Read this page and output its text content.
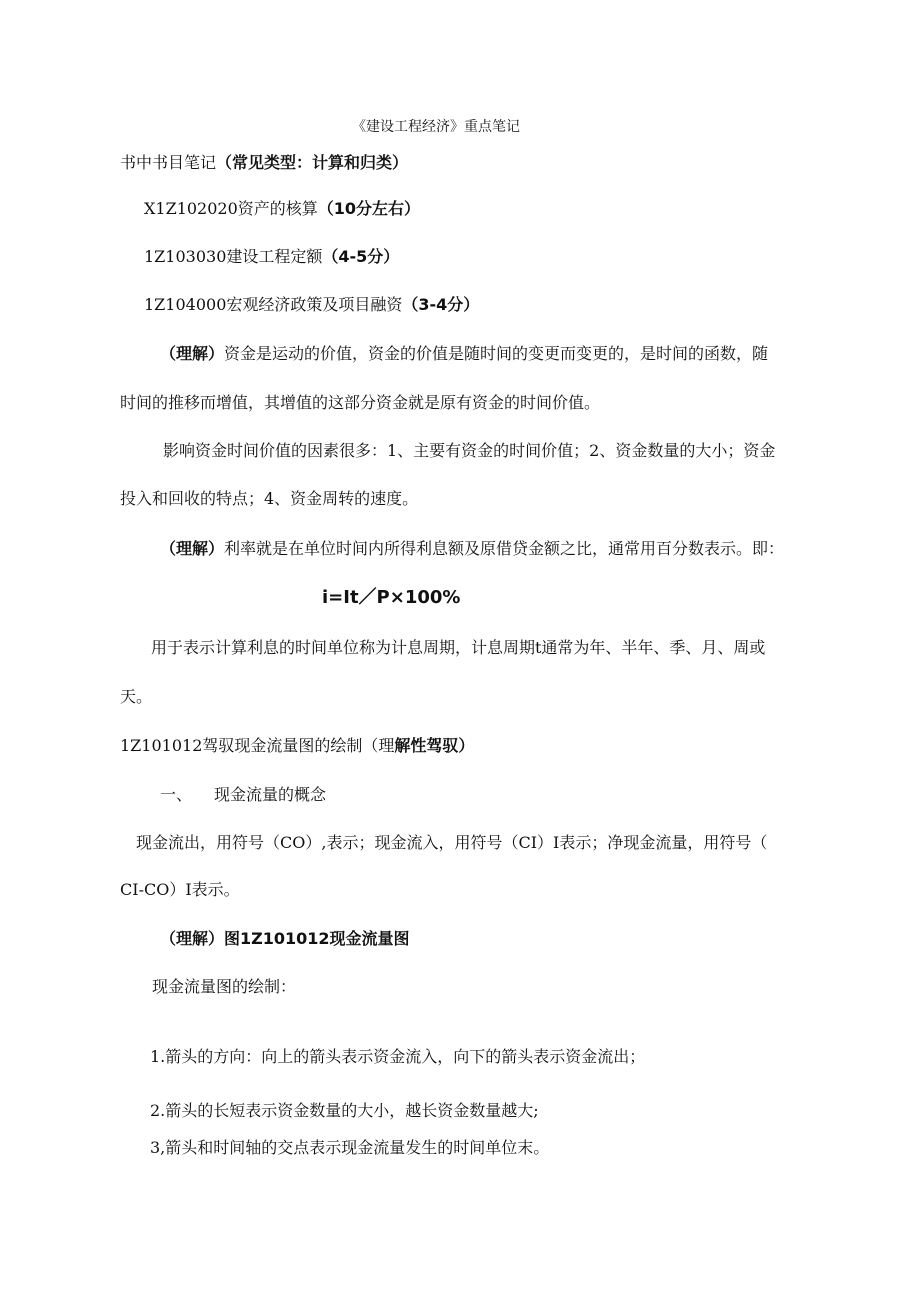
《建设工程经济》重点笔记
书中书目笔记（常见类型：计算和归类）
X1Z102020资产的核算（10分左右）
1Z103030建设工程定额（4-5分）
1Z104000宏观经济政策及项目融资（3-4分）
（理解）资金是运动的价值，资金的价值是随时间的变更而变更的，是时间的函数，随
时间的推移而增值，其增值的这部分资金就是原有资金的时间价值。
影响资金时间价值的因素很多：1、主要有资金的时间价值；2、资金数量的大小；资金
投入和回收的特点；4、资金周转的速度。
（理解）利率就是在单位时间内所得利息额及原借贷金额之比，通常用百分数表示。即：
i=It／P×100%
用于表示计算利息的时间单位称为计息周期，计息周期t通常为年、半年、季、月、周或
天。
1Z101012驾驭现金流量图的绘制（理解性驾驭）
一、 现金流量的概念
现金流出，用符号（CO）,表示；现金流入，用符号（CI）I表示；净现金流量，用符号（
CI-CO）I表示。
（理解）图1Z101012现金流量图
现金流量图的绘制：
1.箭头的方向：向上的箭头表示资金流入，向下的箭头表示资金流出；
2.箭头的长短表示资金数量的大小，越长资金数量越大;
3,箭头和时间轴的交点表示现金流量发生的时间单位末。
